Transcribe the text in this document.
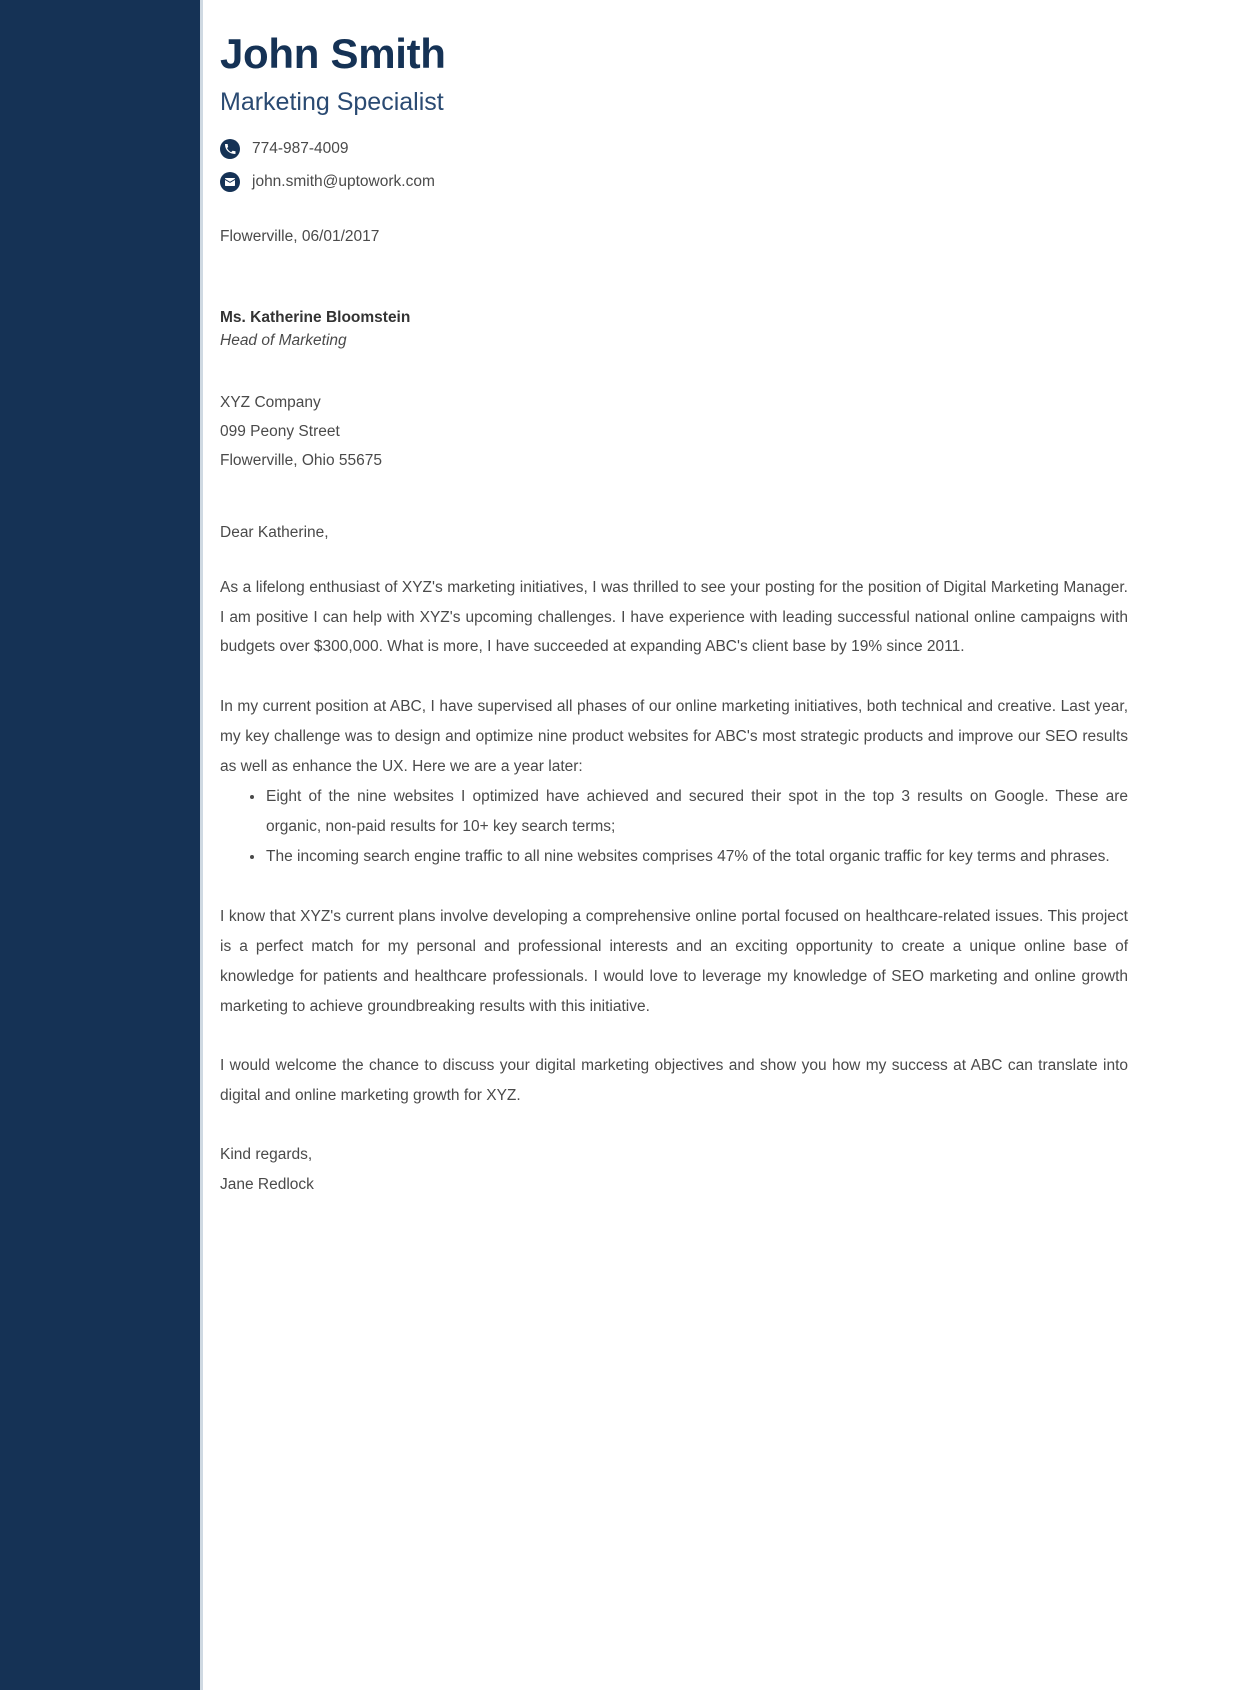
John Smith
Marketing Specialist
774-987-4009
john.smith@uptowork.com
Flowerville, 06/01/2017
Ms. Katherine Bloomstein
Head of Marketing
XYZ Company
099 Peony Street
Flowerville, Ohio 55675
Dear Katherine,

As a lifelong enthusiast of XYZ's marketing initiatives, I was thrilled to see your posting for the position of Digital Marketing Manager. I am positive I can help with XYZ's upcoming challenges. I have experience with leading successful national online campaigns with budgets over $300,000. What is more, I have succeeded at expanding ABC's client base by 19% since 2011.

In my current position at ABC, I have supervised all phases of our online marketing initiatives, both technical and creative. Last year, my key challenge was to design and optimize nine product websites for ABC's most strategic products and improve our SEO results as well as enhance the UX. Here we are a year later:

Eight of the nine websites I optimized have achieved and secured their spot in the top 3 results on Google. These are organic, non-paid results for 10+ key search terms;
The incoming search engine traffic to all nine websites comprises 47% of the total organic traffic for key terms and phrases.

I know that XYZ's current plans involve developing a comprehensive online portal focused on healthcare-related issues. This project is a perfect match for my personal and professional interests and an exciting opportunity to create a unique online base of knowledge for patients and healthcare professionals. I would love to leverage my knowledge of SEO marketing and online growth marketing to achieve groundbreaking results with this initiative.

I would welcome the chance to discuss your digital marketing objectives and show you how my success at ABC can translate into digital and online marketing growth for XYZ.

Kind regards,
Jane Redlock
